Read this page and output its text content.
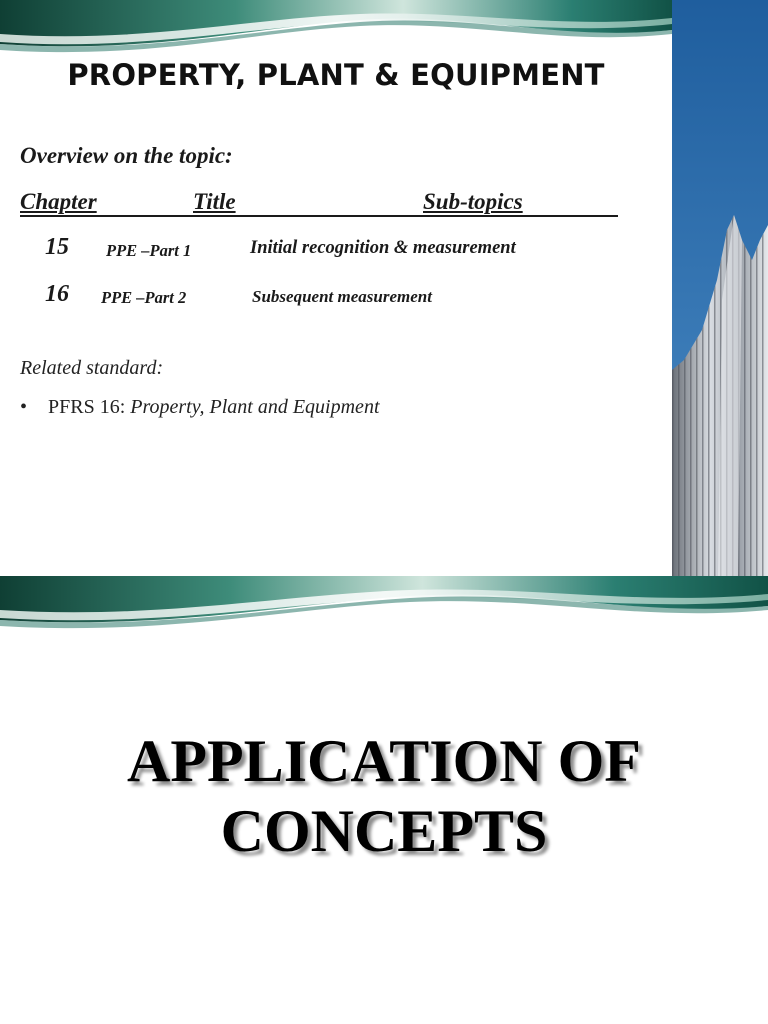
PROPERTY, PLANT & EQUIPMENT
Overview on the topic:
Chapter	Title	Sub-topics
15 PPE –Part 1	Initial recognition & measurement
16 PPE –Part 2	Subsequent measurement
Related standard:
• PFRS 16: Property, Plant and Equipment
APPLICATION OF
CONCEPTS
